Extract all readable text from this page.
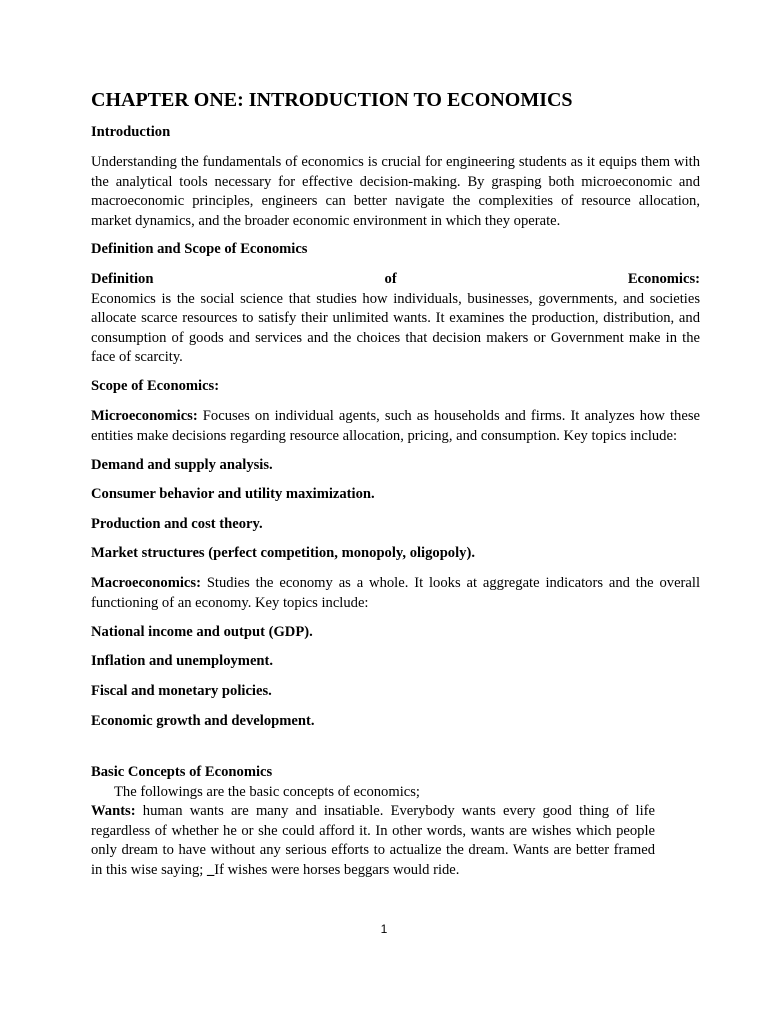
CHAPTER ONE: INTRODUCTION TO ECONOMICS

Introduction

Understanding the fundamentals of economics is crucial for engineering students as it equips them with the analytical tools necessary for effective decision-making. By grasping both microeconomic and macroeconomic principles, engineers can better navigate the complexities of resource allocation, market dynamics, and the broader economic environment in which they operate.

Definition and Scope of Economics

Definition	of	Economics:

Economics is the social science that studies how individuals, businesses, governments, and societies allocate scarce resources to satisfy their unlimited wants. It examines the production, distribution, and consumption of goods and services and the choices that decision makers or Government make in the face of scarcity.

Scope of Economics:

Microeconomics: Focuses on individual agents, such as households and firms. It analyzes how these entities make decisions regarding resource allocation, pricing, and consumption. Key topics include:

Demand and supply analysis.

Consumer behavior and utility maximization.

Production and cost theory.

Market structures (perfect competition, monopoly, oligopoly).

Macroeconomics: Studies the economy as a whole. It looks at aggregate indicators and the overall functioning of an economy. Key topics include:

National income and output (GDP).

Inflation and unemployment.

Fiscal and monetary policies.

Economic growth and development.

Basic Concepts of Economics

The followings are the basic concepts of economics;

Wants: human wants are many and insatiable. Everybody wants every good thing of life regardless of whether he or she could afford it. In other words, wants are wishes which people only dream to have without any serious efforts to actualize the dream. Wants are better framed in this wise saying; _If wishes were horses beggars would ride.

1
